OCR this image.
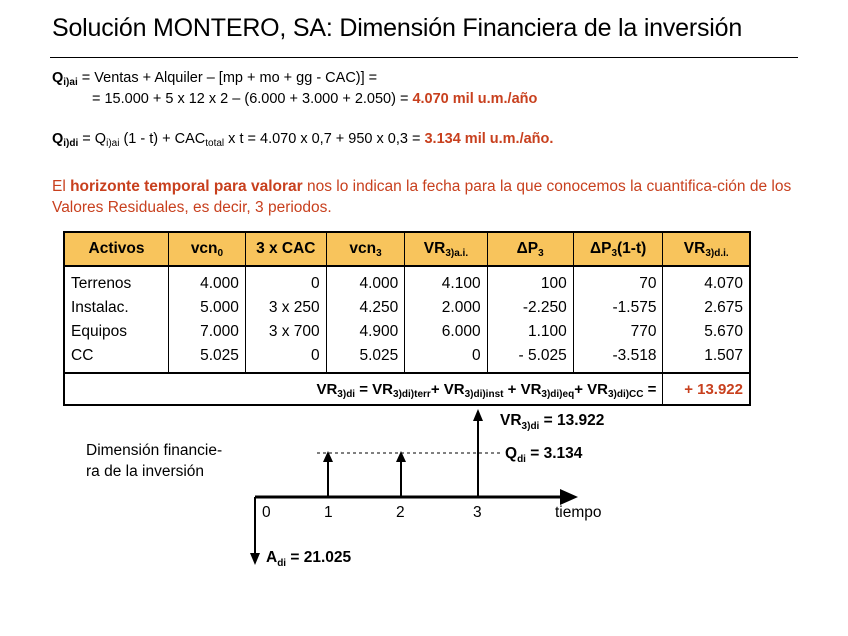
Solución MONTERO, SA: Dimensión Financiera de la inversión
$Q_{i)ai}$ = Ventas + Alquiler – [mp + mo + gg - CAC)] =
= 15.000 + 5 x 12 x 2 – (6.000 + 3.000 + 2.050) = 4.070 mil u.m./año
$Q_{i)di} = Q_{i)ai}$ $(1 - t) + CAC_{total}$ x t = 4.070 x 0,7 + 950 x 0,3 = 3.134 mil u.m./año.
El horizonte temporal para valorar nos lo indican la fecha para la que conocemos la cuantifica-ción de los Valores Residuales, es decir, 3 periodos.
Activos	vcn$_0$	3 x CAC	vcn$_3$	$VR_{3)a.i.}$	$\Delta P_3$	$\Delta P_3(1-t)$	$VR_{3)d.i.}$
Terrenos	4.000	0	4.000	4.100	100	70	4.070
Instalac.	5.000	3 x 250	4.250	2.000	-2.250	-1.575	2.675
Equipos	7.000	3 x 700	4.900	6.000	1.100	770	5.670
CC	5.025	0	5.025	0	- 5.025	-3.518	1.507
$VR_{3)di} = VR_{3)di)terr}+ VR_{3)di)inst} + VR_{3)di)eq}+ VR_{3)di)CC}$ =							+ 13.922
Dimensión financie-
ra de la inversión
0	1	2	3	tiempo
$VR_{3)di} = 13.922$
$Q_{di} = 3.134$
$A_{di} = 21.025$
